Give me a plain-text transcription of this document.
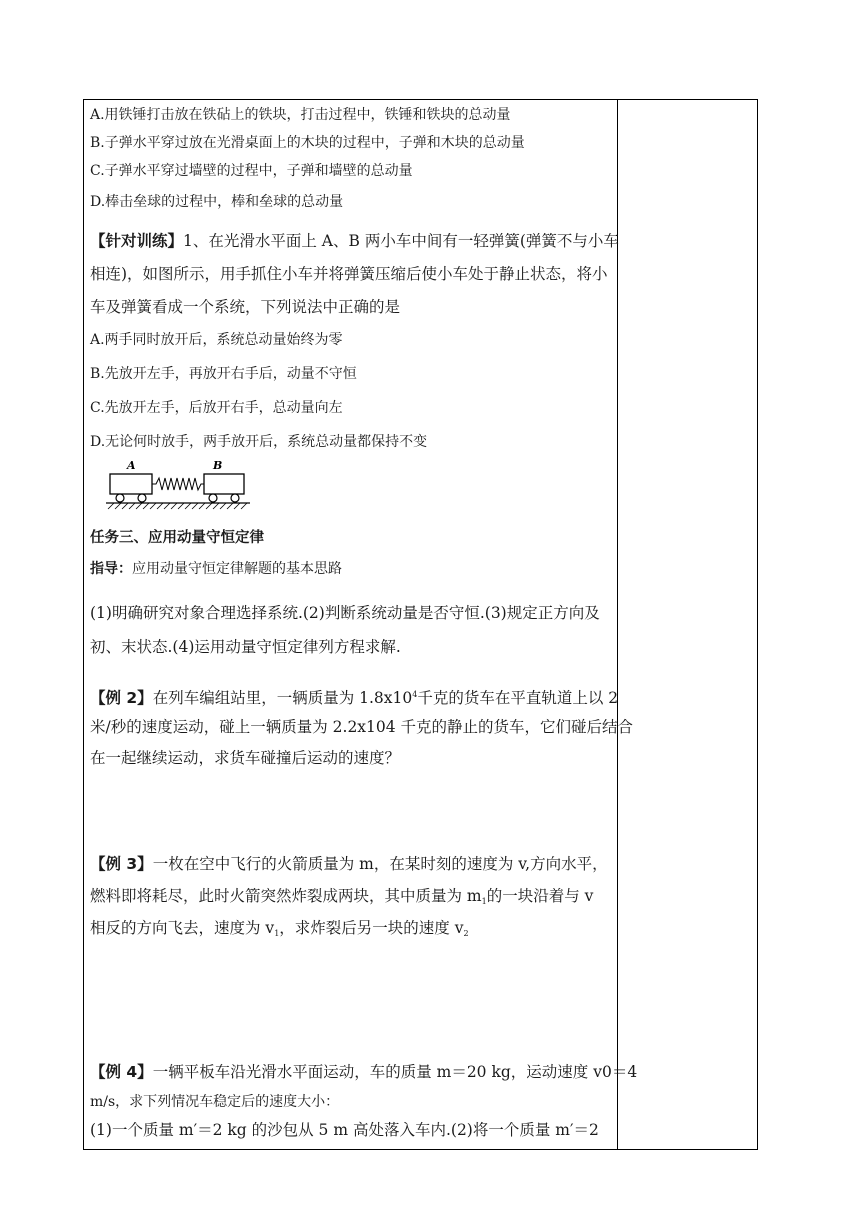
A.用铁锤打击放在铁砧上的铁块，打击过程中，铁锤和铁块的总动量
B.子弹水平穿过放在光滑桌面上的木块的过程中，子弹和木块的总动量
C.子弹水平穿过墙壁的过程中，子弹和墙壁的总动量
D.棒击垒球的过程中，棒和垒球的总动量
【针对训练】1、在光滑水平面上 A、B 两小车中间有一轻弹簧(弹簧不与小车
相连)，如图所示，用手抓住小车并将弹簧压缩后使小车处于静止状态，将小
车及弹簧看成一个系统，下列说法中正确的是
A.两手同时放开后，系统总动量始终为零
B.先放开左手，再放开右手后，动量不守恒
C.先放开左手，后放开右手，总动量向左
D.无论何时放手，两手放开后，系统总动量都保持不变
A	B
任务三、应用动量守恒定律
指导：应用动量守恒定律解题的基本思路
(1)明确研究对象合理选择系统.(2)判断系统动量是否守恒.(3)规定正方向及
初、末状态.(4)运用动量守恒定律列方程求解.
【例 2】在列车编组站里，一辆质量为 $1.8x10^4$千克的货车在平直轨道上以 2
米/秒的速度运动，碰上一辆质量为 2.2x104 千克的静止的货车，它们碰后结合
在一起继续运动，求货车碰撞后运动的速度？
【例 3】一枚在空中飞行的火箭质量为 m，在某时刻的速度为 v,方向水平，
燃料即将耗尽，此时火箭突然炸裂成两块，其中质量为 $m_1$的一块沿着与 v
相反的方向飞去，速度为 $v_1$，求炸裂后另一块的速度 $v_2$
【例 4】一辆平板车沿光滑水平面运动，车的质量 m＝20 kg，运动速度 v0＝4
m/s，求下列情况车稳定后的速度大小：
(1)一个质量 m′＝2 kg 的沙包从 5 m 高处落入车内.(2)将一个质量 m′＝2
